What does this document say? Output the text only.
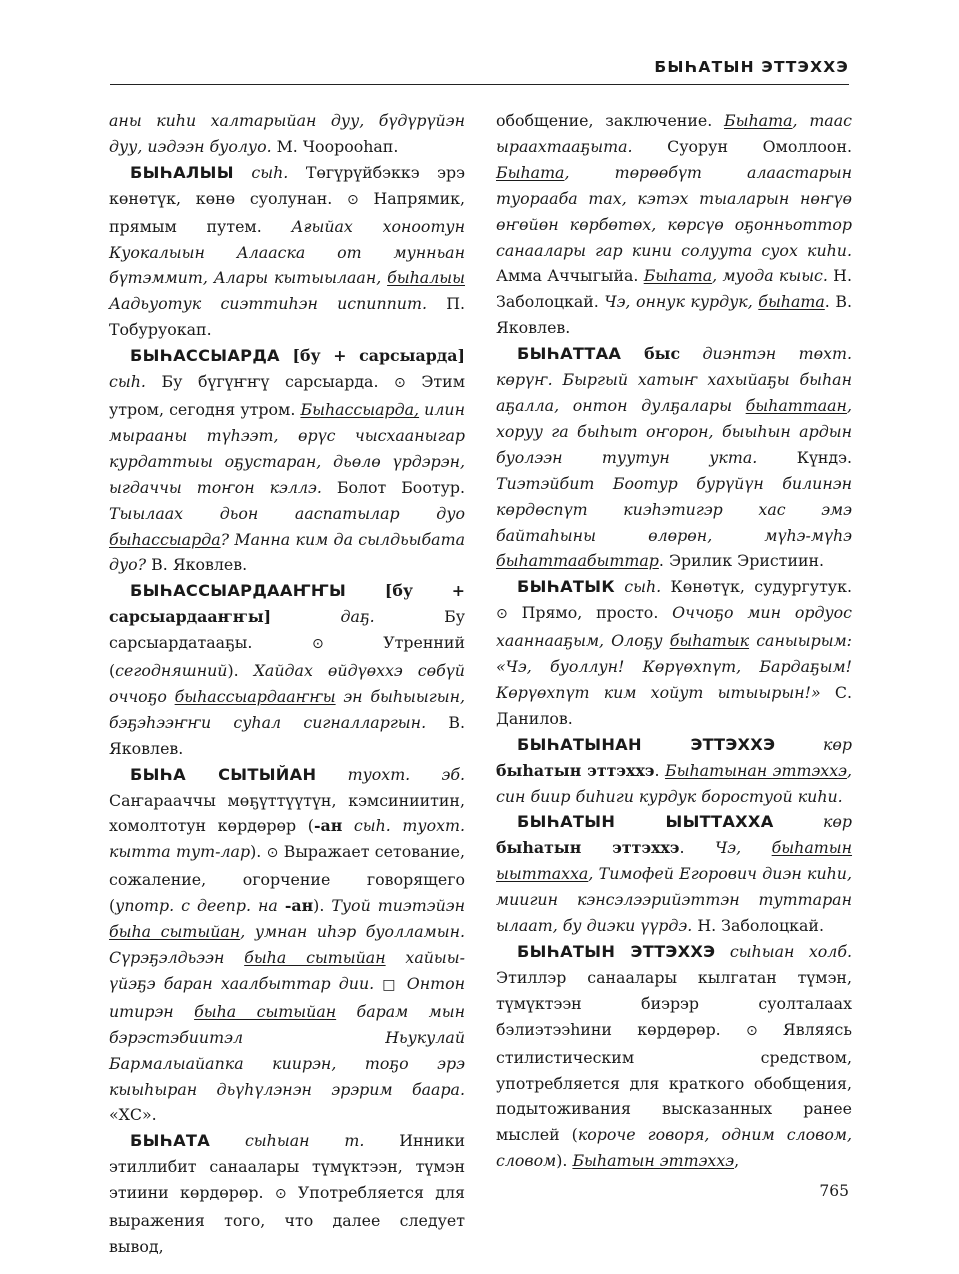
БЫҺАТЫН ЭТТЭХХЭ

аны киhи халтарыйан дуу, бүдүрүйэн дуу, иэдээн буолуо. М. Чоорооhап.

БЫҺАЛЫЫ сыh. Төгүрүйбэккэ эрэ көнөтүк, көнө суолунан. ⊙ Напрямик, прямым путем. Ағыйах хоноотун Куокалыын Алааска от мунньан бүтэммит, Алары кытыылаан, быһалыы Аадьуотук сиэттиhэн испиппит. П. Тобуруокап.

БЫҺАССЫАРДА [бу + сарсыарда] сыh. Бу бүгүҥҥү сарсыарда. ⊙ Этим утром, сегодня утром. Быhассыарда, илин мырааны түhээт, өрүс чысхааныгар курдаттыы оҕустаран, дьөлө үрдэрэн, ыгдаччы тоҥон кэллэ. Болот Боотур. Тыылаах дьон аaспатылар дуо быhассыарда? Манна ким да сылдьыбата дуо? В. Яковлев.

БЫҺАССЫАРДААҤҤЫ [бу + сарсыардааҥҥы] даҕ. Бу сарсыардатааҕы. ⊙ Утренний (сегодняшний). Хайдах өйдүөххэ сөбүй оччоҕо быhассыардааҥҥы эн быhыыгын, бэҕэhээҥҥи суhал сигналларгын. В. Яковлев.

БЫҺА СЫТЫЙАН туохт. эб. Саҥарааччы мөҕүттүүтүн, кэмсиниитин, хомолтотун көрдөрөр (-ан сыh. туохт. кытта тут-лар). ⊙ Выражает сетование, сожаление, огорчение говорящего (употр. с деепр. на -ан). Туой тиэтэйэн быhа сытыйан, умнан иhэр буолламын. Сүрэҕэлдьээн быhа сытыйан хайыы-үйэҕэ баран хаалбыттар дии. □ Онтон итирэн быhа сытыйан барам мын бэрэстэбиитэл Ньукулай Бармалыайапка киирэн, тоҕо эрэ кыыhыран дьүhүлэнэн эрэрим баара. «ХС».

БЫҺАТА сыhыан т. Инники этиллибит санаалары түмүктээн, түмэн этиини көрдөрөр. ⊙ Употребляется для выражения того, что далее следует вывод,

обобщение, заключение. Быhата, таас ыраахтааҕыта. Суорун Омоллоон. Быhата, төрөөбүт алаастарын туорааба тах, кэтэх тыаларын нөҥүө өҥөйөн көрбөтөх, көрсүө оҕонньоттор санаалары гар кини солуута суох киhи. Амма Аччыгыйа. Быhата, муода кыыс. Н. Заболоцкай. Чэ, оннук курдук, быhата. В. Яковлев.

БЫҺАТТАА быс диэнтэн төхт. көрүҥ. Быргый хатыҥ хахыйаҕы быhан аҕалла, онтон дулҕалары быhаттаан, хоруу га быhыт оҥорон, быыhын ардын буолээн туутун укта. Күндэ. Тиэтэйбит Боотур бурүйүн билинэн көрдөспүт киэhэтигэр хас эмэ байтаhыны өлөрөн, мүhэ-мүhэ быhаттаабыттар. Эрилик Эристиин.

БЫҺАТЫК сыh. Көнөтүк, судургутук. ⊙ Прямо, просто. Оччоҕо мин ордуос хааннааҕым, Олоҕу быhатык саныырым: «Чэ, буоллун! Көрүөхпүт, Бардаҕым! Көрүөхпүт ким хойут ытыырын!» С. Данилов.

БЫҺАТЫНАН ЭТТЭХХЭ көр быhатын эттэххэ. Быhатынан эттэххэ, син биир биhиги курдук боростуой киhи.

БЫҺАТЫН ЫЫТТАХХА көр быhатын эттэххэ. Чэ, быhатын ыыттахха, Тимофей Егорович диэн киhи, миигин кэнсэлээрийэттэн туттаран ылаат, бу диэки үүрдэ. Н. Заболоцкай.

БЫҺАТЫН ЭТТЭХХЭ сыhыан холб. Этиллэр санаалары кылгатан түмэн, түмүктээн биэрэр суолталаах бэлиэтээhини көрдөрөр. ⊙ Являясь стилистическим средством, употребляется для краткого обобщения, подытоживания высказанных ранее мыслей (короче говоря, одним словом, словом). Быhатын эттэххэ,

765
